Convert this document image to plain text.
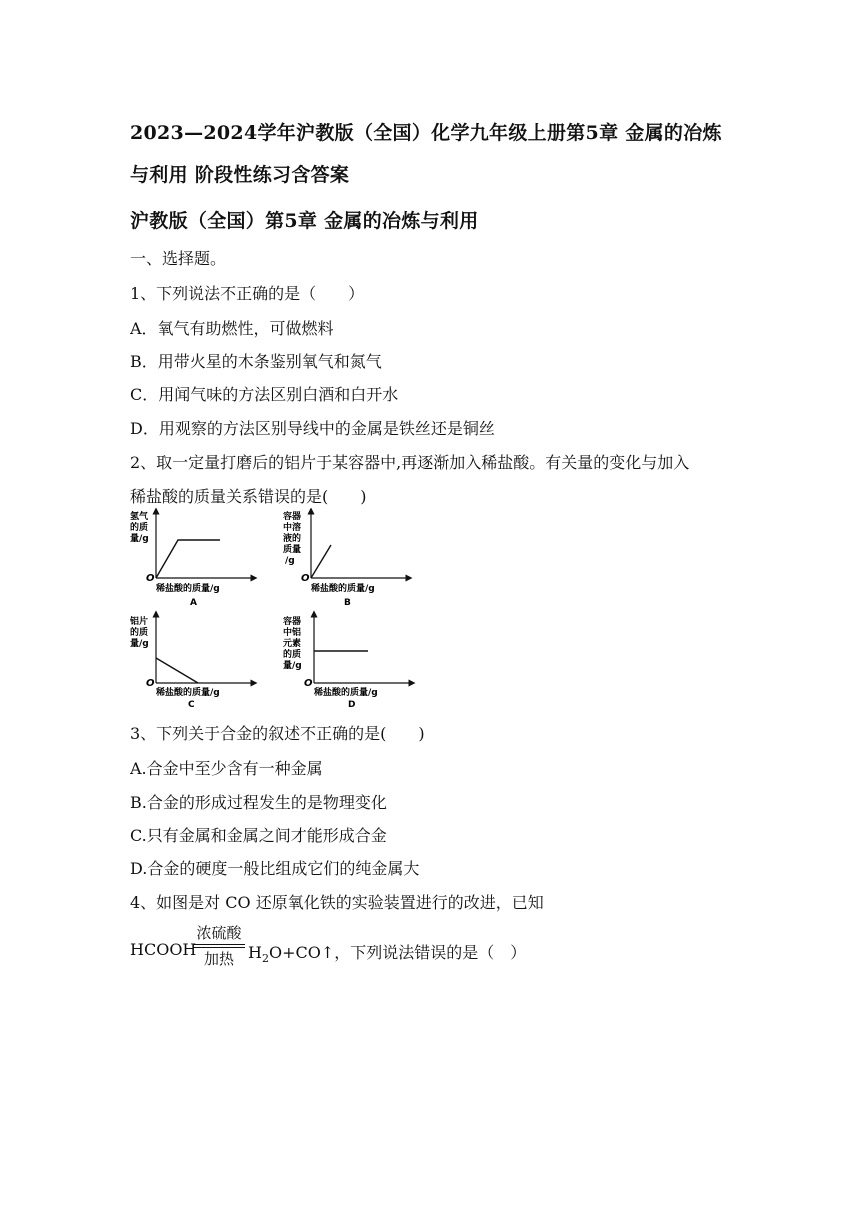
2023—2024学年沪教版（全国）化学九年级上册第5章 金属的冶炼
与利用 阶段性练习含答案
沪教版（全国）第5章 金属的冶炼与利用
一、选择题。
1、下列说法不正确的是（　　）
A．氧气有助燃性，可做燃料
B．用带火星的木条鉴别氧气和氮气
C．用闻气味的方法区别白酒和白开水
D．用观察的方法区别导线中的金属是铁丝还是铜丝
2、取一定量打磨后的铝片于某容器中,再逐渐加入稀盐酸。有关量的变化与加入
稀盐酸的质量关系错误的是(　　)
氢气
的质
量/g
O
稀盐酸的质量/g
A
容器
中溶
液的
质量
/g
O
稀盐酸的质量/g
B
铝片
的质
量/g
O
稀盐酸的质量/g
C
容器
中铝
元素
的质
量/g
O
稀盐酸的质量/g
D
3、下列关于合金的叙述不正确的是(　　)
A.合金中至少含有一种金属
B.合金的形成过程发生的是物理变化
C.只有金属和金属之间才能形成合金
D.合金的硬度一般比组成它们的纯金属大
4、如图是对 CO 还原氧化铁的实验装置进行的改进，已知
HCOOH
浓硫酸
加热 $H_2O+CO↑$，下列说法错误的是（　）
